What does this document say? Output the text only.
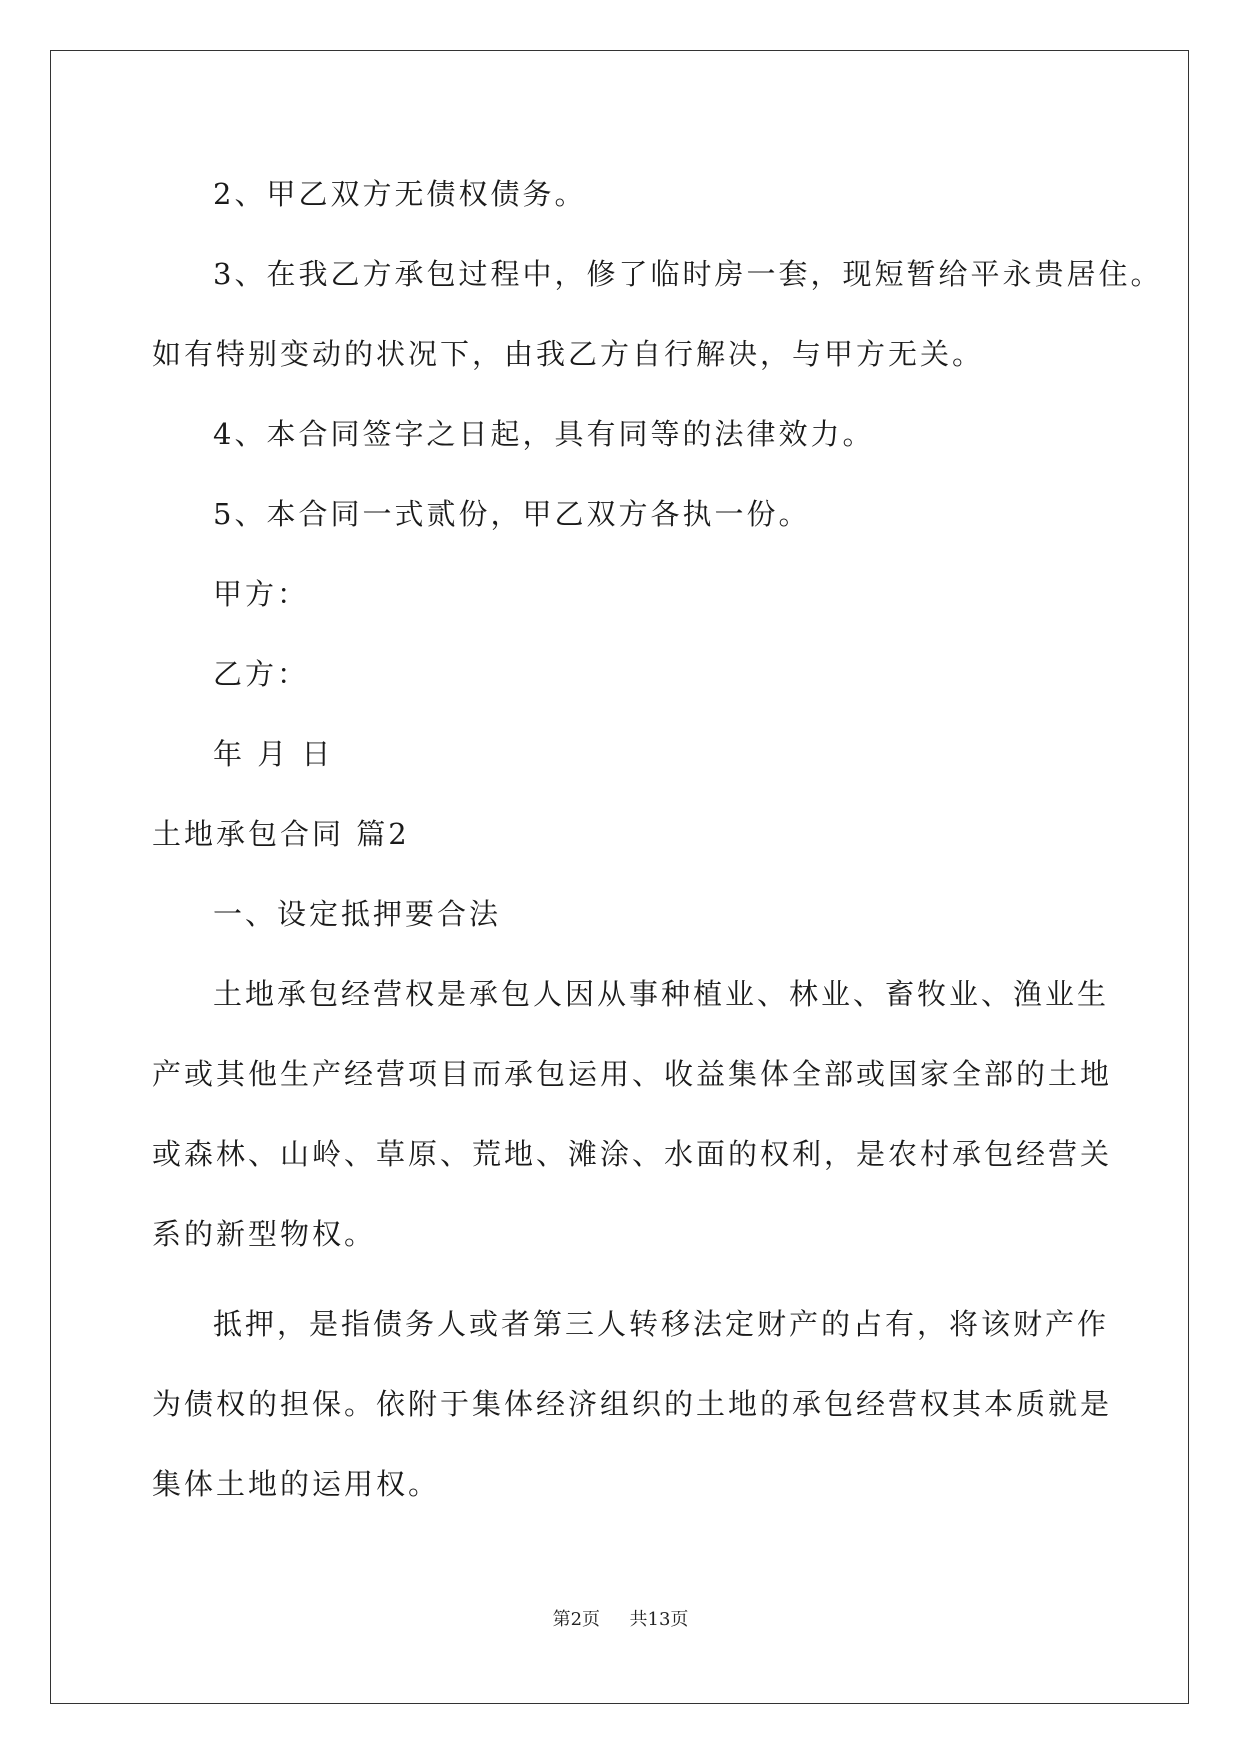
2、甲乙双方无债权债务。
3、在我乙方承包过程中，修了临时房一套，现短暂给平永贵居住。
如有特别变动的状况下，由我乙方自行解决，与甲方无关。
4、本合同签字之日起，具有同等的法律效力。
5、本合同一式贰份，甲乙双方各执一份。
甲方：
乙方：
年 月 日
土地承包合同 篇2
一、设定抵押要合法
土地承包经营权是承包人因从事种植业、林业、畜牧业、渔业生
产或其他生产经营项目而承包运用、收益集体全部或国家全部的土地
或森林、山岭、草原、荒地、滩涂、水面的权利，是农村承包经营关
系的新型物权。
抵押，是指债务人或者第三人转移法定财产的占有，将该财产作
为债权的担保。依附于集体经济组织的土地的承包经营权其本质就是
集体土地的运用权。
第2页 共13页
